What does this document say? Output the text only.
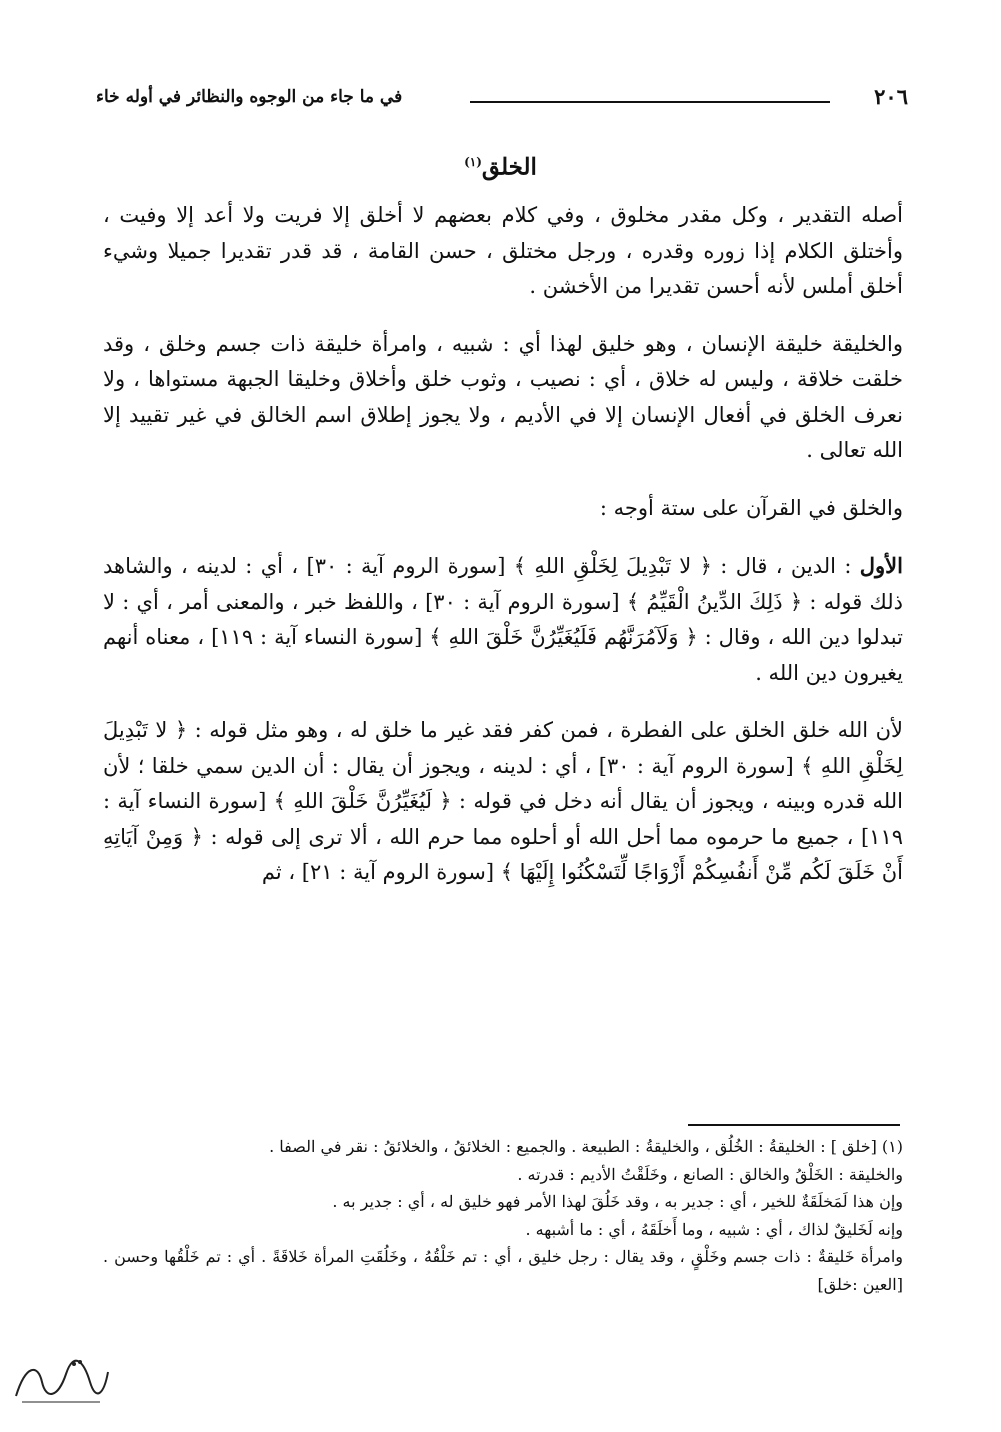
٢٠٦
في ما جاء من الوجوه والنظائر في أوله خاء
الخلق$^{(١)}$

أصله التقدير ، وكل مقدر مخلوق ، وفي كلام بعضهم لا أخلق إلا فريت ولا أعد إلا وفيت ، وأختلق الكلام إذا زوره وقدره ، ورجل مختلق ، حسن القامة ، قد قدر تقديرا جميلا وشيء أخلق أملس لأنه أحسن تقديرا من الأخشن .

والخليقة خليقة الإنسان ، وهو خليق لهذا أي : شبيه ، وامرأة خليقة ذات جسم وخلق ، وقد خلقت خلاقة ، وليس له خلاق ، أي : نصيب ، وثوب خلق وأخلاق وخليقا الجبهة مستواها ، ولا نعرف الخلق في أفعال الإنسان إلا في الأديم ، ولا يجوز إطلاق اسم الخالق في غير تقييد إلا الله تعالى .

والخلق في القرآن على ستة أوجه :

الأول : الدين ، قال : ﴿ لا تَبْدِيلَ لِخَلْقِ اللهِ ﴾ [سورة الروم آية : ٣٠] ، أي : لدينه ، والشاهد ذلك قوله : ﴿ ذَلِكَ الدِّينُ الْقَيِّمُ ﴾ [سورة الروم آية : ٣٠] ، واللفظ خبر ، والمعنى أمر ، أي : لا تبدلوا دين الله ، وقال : ﴿ وَلَآمُرَنَّهُم فَلَيُغَيِّرُنَّ خَلْقَ اللهِ ﴾ [سورة النساء آية : ١١٩] ، معناه أنهم يغيرون دين الله .

لأن الله خلق الخلق على الفطرة ، فمن كفر فقد غير ما خلق له ، وهو مثل قوله : ﴿ لا تَبْدِيلَ لِخَلْقِ اللهِ ﴾ [سورة الروم آية : ٣٠] ، أي : لدينه ، ويجوز أن يقال : أن الدين سمي خلقا ؛ لأن الله قدره وبينه ، ويجوز أن يقال أنه دخل في قوله : ﴿ لَيُغَيِّرُنَّ خَلْقَ اللهِ ﴾ [سورة النساء آية : ١١٩] ، جميع ما حرموه مما أحل الله أو أحلوه مما حرم الله ، ألا ترى إلى قوله : ﴿ وَمِنْ آيَاتِهِ أَنْ خَلَقَ لَكُم مِّنْ أَنفُسِكُمْ أَزْوَاجًا لِّتَسْكُنُوا إِلَيْهَا ﴾ [سورة الروم آية : ٢١] ، ثم

(١) [خلق ] : الخليقةُ : الخُلُق ، والخليقةُ : الطبيعة . والجميع : الخلائقُ ، والخلائقُ : نقر في الصفا .

والخليقة : الخَلْقُ والخالق : الصانع ، وخَلَقْتُ الأديم : قدرته .

وإن هذا لَمَخلَقَةٌ للخير ، أي : جدير به ، وقد خَلُقَ لهذا الأمر فهو خليق له ، أي : جدير به .

وإنه لَخَليقٌ لذاك ، أي : شبيه ، وما أَخلَقَهُ ، أي : ما أشبهه .

وامرأة خَليقةٌ : ذات جسم وخَلْقٍ ، وقد يقال : رجل خليق ، أي : تم خَلْقُهُ ، وخَلُقَتِ المرأة خَلاقَةً . أي : تم خَلْقُها وحسن .[العين :خلق]
